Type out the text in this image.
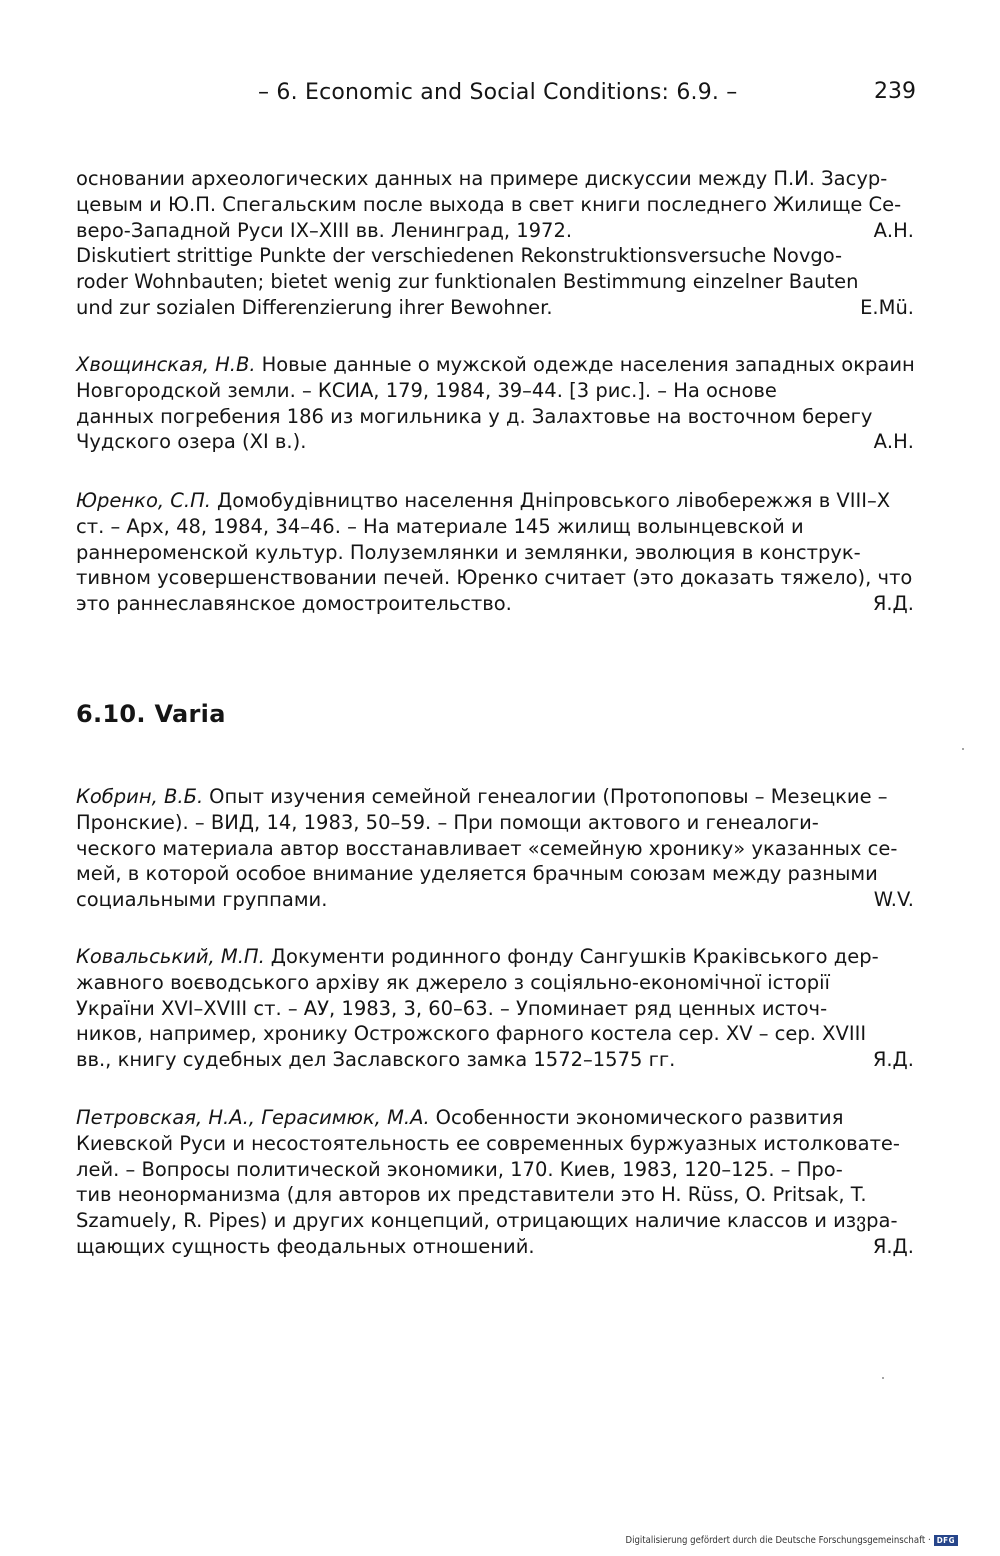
– 6. Economic and Social Conditions: 6.9. –	239
основании археологических данных на примере дискуссии между П.И. Засур-
цевым и Ю.П. Спегальским после выхода в свет книги последнего Жилище Се-
веро-Западной Руси IX–XIII вв. Ленинград, 1972.	А.Н.
Diskutiert strittige Punkte der verschiedenen Rekonstruktionsversuche Novgo-
roder Wohnbauten; bietet wenig zur funktionalen Bestimmung einzelner Bauten
und zur sozialen Differenzierung ihrer Bewohner.	E.Mü.
Хвощинская, Н.В. Новые данные о мужской одежде населения западных окраин
Новгородской земли. – КСИА, 179, 1984, 39–44. [3 рис.]. – На основе
данных погребения 186 из могильника у д. Залахтовье на восточном берегу
Чудского озера (XI в.).	А.Н.
Юренко, С.П. Домобудівництво населення Дніпровського лівобережжя в VIII–X
ст. – Арх, 48, 1984, 34–46. – На материале 145 жилищ волынцевской и
раннероменской культур. Полуземлянки и землянки, эволюция в конструк-
тивном усовершенствовании печей. Юренко считает (это доказать тяжело), что
это раннеславянское домостроительство.	Я.Д.
6.10. Varia
Кобрин, В.Б. Опыт изучения семейной генеалогии (Протопоповы – Мезецкие –
Пронские). – ВИД, 14, 1983, 50–59. – При помощи актового и генеалоги-
ческого материала автор восстанавливает «семейную хронику» указанных се-
мей, в которой особое внимание уделяется брачным союзам между разными
социальными группами.	W.V.
Ковальський, М.П. Документи родинного фонду Сангушків Краківського дер-
жавного воєводського архіву як джерело з соціяльно-економічної історії
України XVI–XVIII ст. – АУ, 1983, 3, 60–63. – Упоминает ряд ценных источ-
ников, например, хронику Острожского фарного костела сер. XV – сер. XVIII
вв., книгу судебных дел Заславского замка 1572–1575 гг.	Я.Д.
Петровская, Н.А., Герасимюк, М.А. Особенности экономического развития
Киевской Руси и несостоятельность ее современных буржуазных истолковате-
лей. – Вопросы политической экономики, 170. Киев, 1983, 120–125. – Про-
тив неонорманизма (для авторов их представители это H. Rüss, O. Pritsak, T.
Szamuely, R. Pipes) и других концепций, отрицающих наличие классов и изვра-
щающих сущность феодальных отношений.	Я.Д.
Digitalisierung gefördert durch die Deutsche Forschungsgemeinschaft · DFG
